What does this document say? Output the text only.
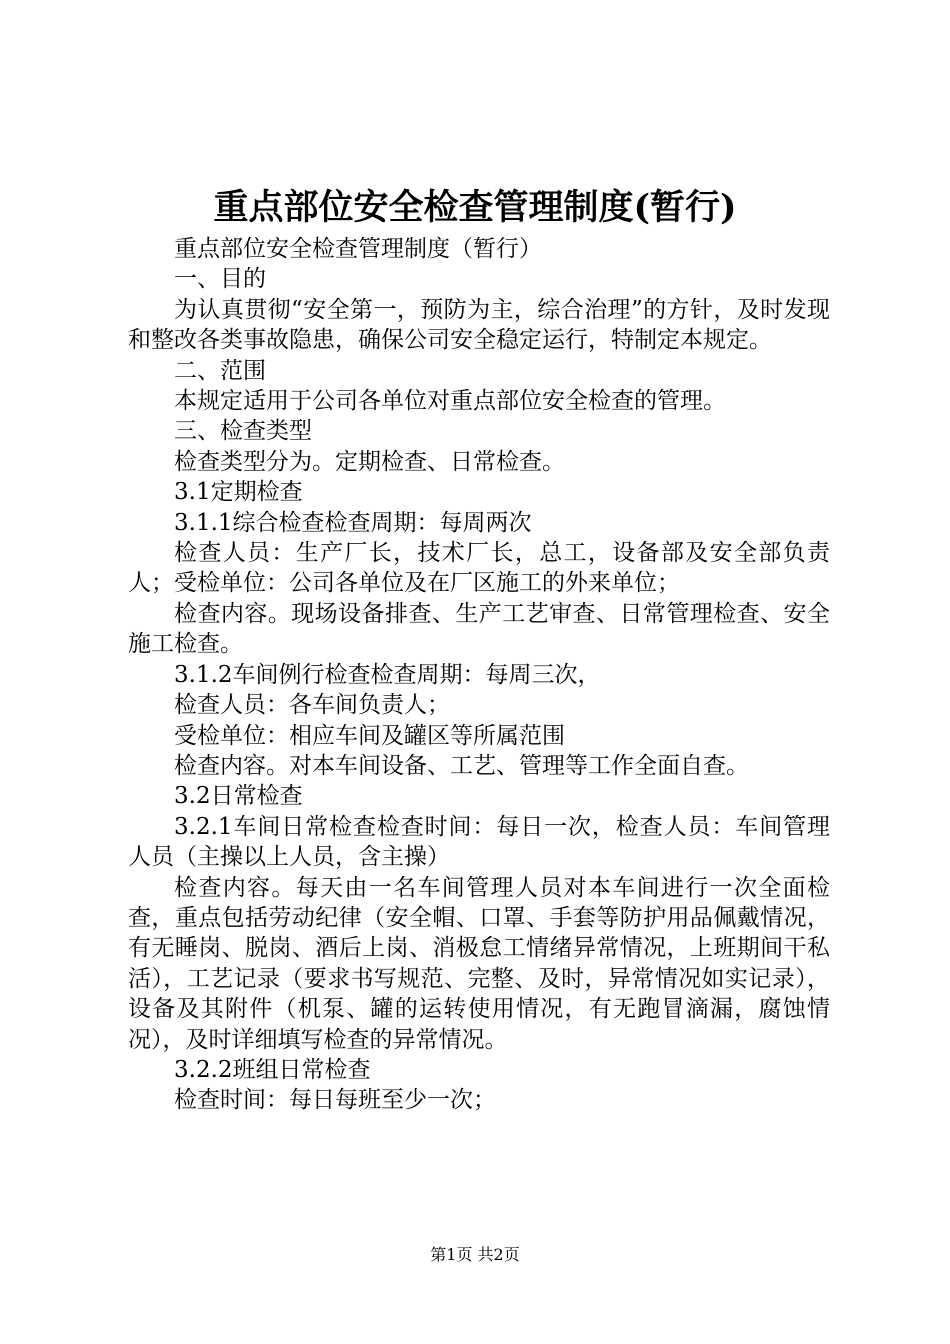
重点部位安全检查管理制度(暂行)

重点部位安全检查管理制度（暂行）

一、目的

为认真贯彻“安全第一，预防为主，综合治理”的方针，及时发现和整改各类事故隐患，确保公司安全稳定运行，特制定本规定。

二、范围

本规定适用于公司各单位对重点部位安全检查的管理。

三、检查类型

检查类型分为。定期检查、日常检查。

3.1定期检查

3.1.1综合检查检查周期：每周两次

检查人员：生产厂长，技术厂长，总工，设备部及安全部负责人；受检单位：公司各单位及在厂区施工的外来单位；

检查内容。现场设备排查、生产工艺审查、日常管理检查、安全施工检查。

3.1.2车间例行检查检查周期：每周三次，

检查人员：各车间负责人；

受检单位：相应车间及罐区等所属范围

检查内容。对本车间设备、工艺、管理等工作全面自查。

3.2日常检查

3.2.1车间日常检查检查时间：每日一次，检查人员：车间管理人员（主操以上人员，含主操）

检查内容。每天由一名车间管理人员对本车间进行一次全面检查，重点包括劳动纪律（安全帽、口罩、手套等防护用品佩戴情况，有无睡岗、脱岗、酒后上岗、消极怠工情绪异常情况，上班期间干私活），工艺记录（要求书写规范、完整、及时，异常情况如实记录），设备及其附件（机泵、罐的运转使用情况，有无跑冒滴漏，腐蚀情况），及时详细填写检查的异常情况。

3.2.2班组日常检查

检查时间：每日每班至少一次；

第1页 共2页
